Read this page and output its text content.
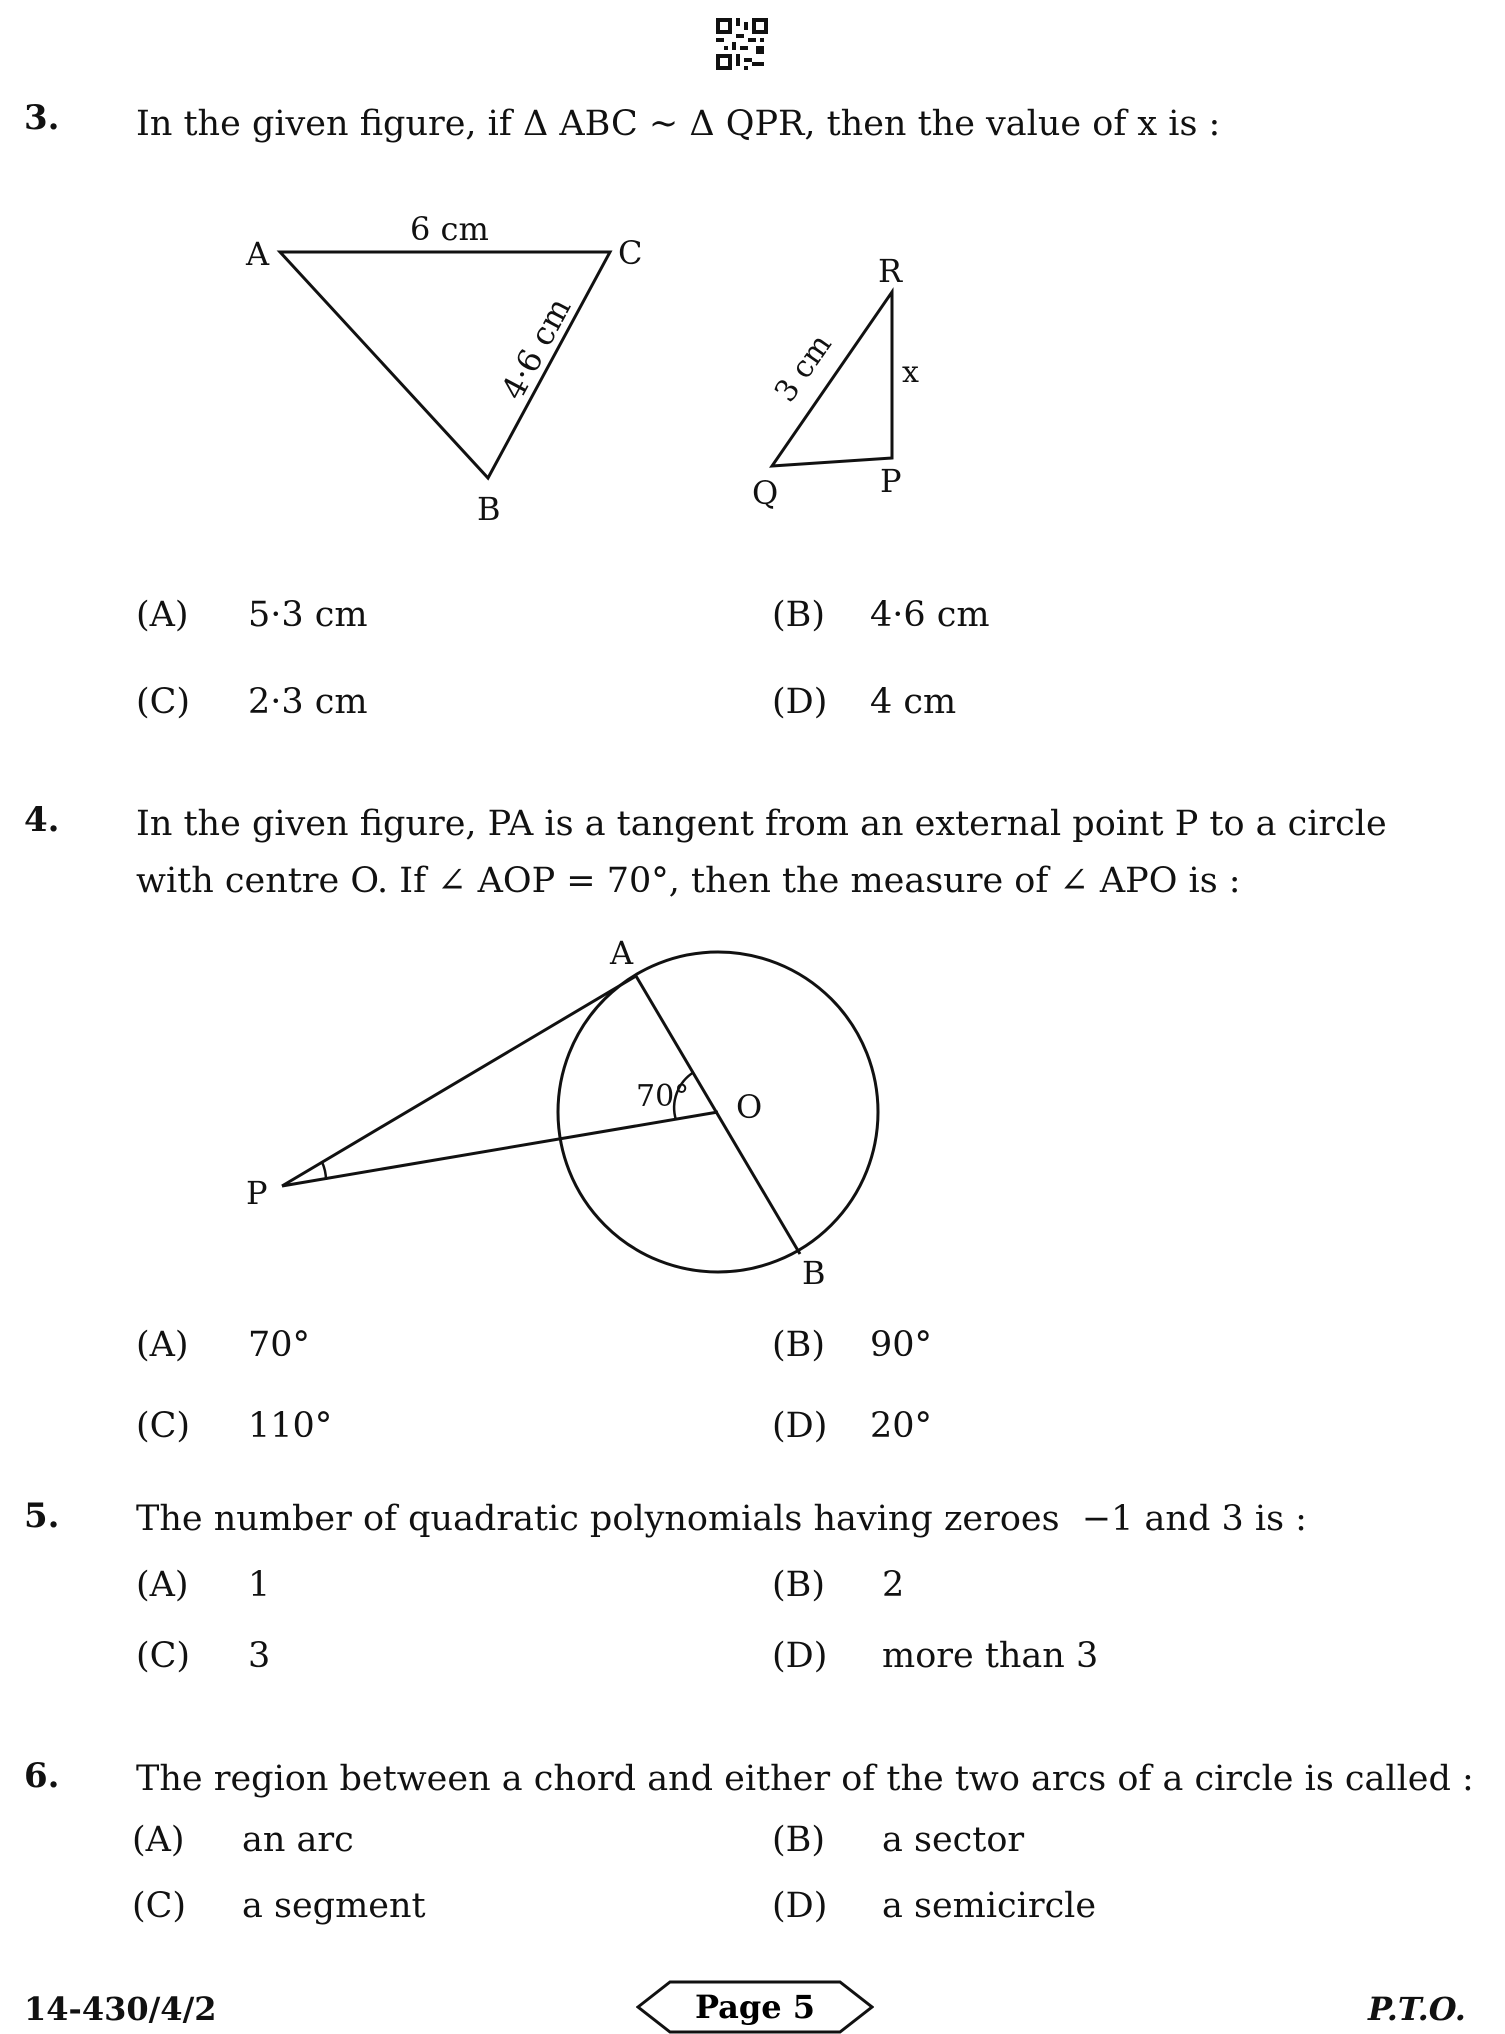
3. In the given figure, if Δ ABC ~ Δ QPR, then the value of x is :
A	C
B
6 cm
4·6 cm
R
x
Q	P
3 cm
(A) 5·3 cm	(B) 4·6 cm
(C) 2·3 cm	(D) 4 cm
4. In the given figure, PA is a tangent from an external point P to a circle
with centre O. If ∠ AOP = 70°, then the measure of ∠ APO is :
A
O
P
B
70°
(A) 70°	(B) 90°
(C) 110°	(D) 20°
5. The number of quadratic polynomials having zeroes  −1 and 3 is :
(A) 1	(B) 2
(C) 3	(D) more than 3
6. The region between a chord and either of the two arcs of a circle is called :
(A) an arc	(B) a sector
(C) a segment	(D) a semicircle
14-430/4/2	Page 5	P.T.O.
